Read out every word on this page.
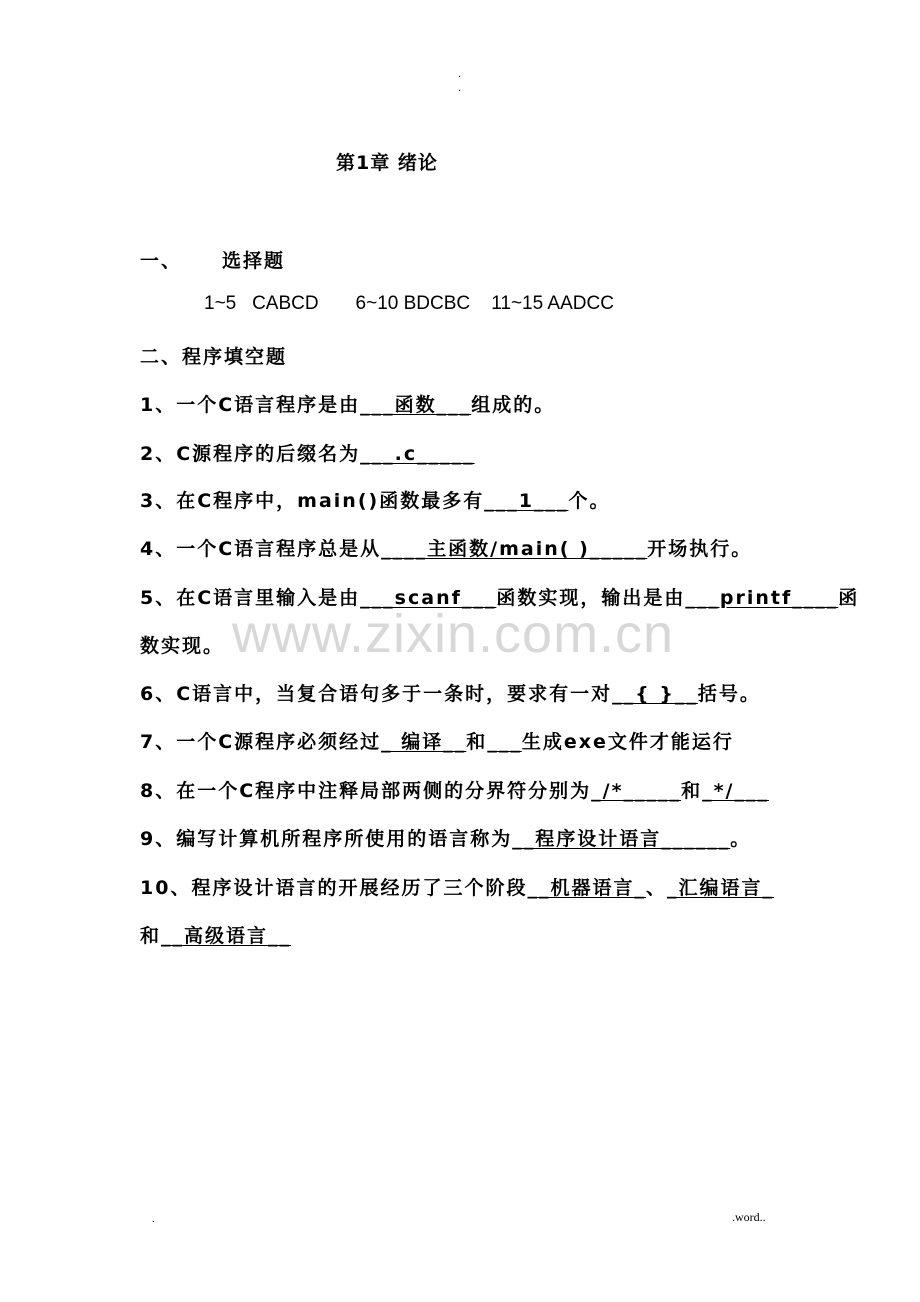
.
.
第1章 绪论
一、 选择题
1~5   CABCD       6~10 BDCBC    11~15 AADCC
二、程序填空题
1、一个C语言程序是由___函数___组成的。
2、C源程序的后缀名为___.c_____
3、在C程序中，main()函数最多有___1___个。
4、一个C语言程序总是从____主函数/main( )_____开场执行。
5、在C语言里输入是由___scanf___函数实现，输出是由___printf____函
数实现。 www.zixin.com.cn
6、C语言中，当复合语句多于一条时，要求有一对__{ }__括号。
7、一个C源程序必须经过_ 编译__和___生成exe文件才能运行
8、在一个C程序中注释局部两侧的分界符分别为_/*_____和_*/___
9、编写计算机所程序所使用的语言称为__程序设计语言______。
10、程序设计语言的开展经历了三个阶段__机器语言_、_汇编语言_
和__高级语言__
.	.word..
